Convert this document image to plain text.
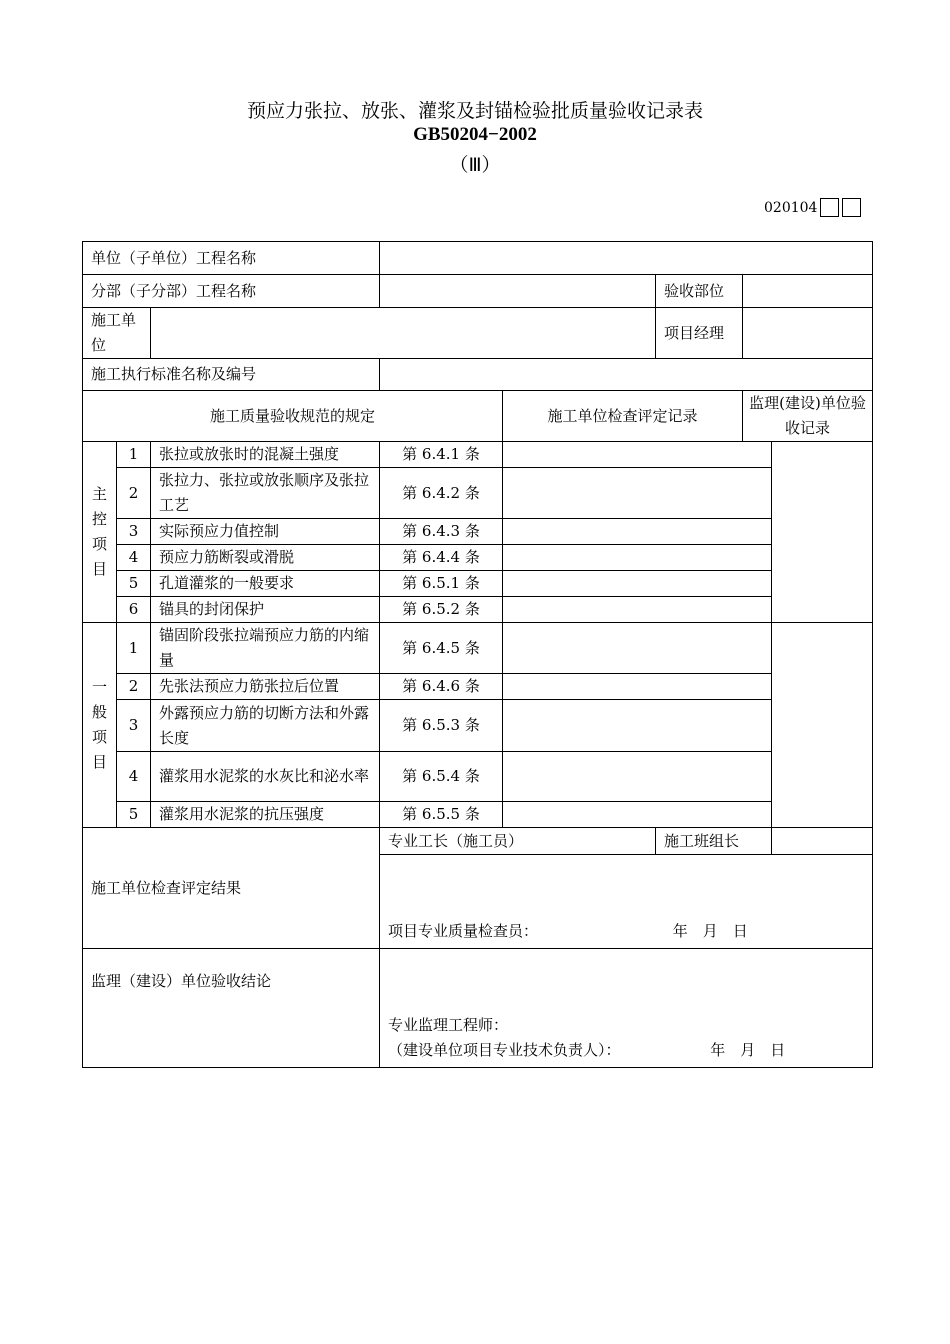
预应力张拉、放张、灌浆及封锚检验批质量验收记录表
GB50204−2002
（Ⅲ）
020104
单位（子单位）工程名称							
分部（子分部）工程名称					验收部位		
施工单位					项目经理		
施工执行标准名称及编号							
施工质量验收规范的规定				施工单位检查评定记录		监理(建设)单位验收记录	

主
控
项
目	1	张拉或放张时的混凝土强度	第 6.4.1 条				
	2	张拉力、张拉或放张顺序及张拉工艺	第 6.4.2 条				
	3	实际预应力值控制	第 6.4.3 条				
	4	预应力筋断裂或滑脱	第 6.4.4 条				
	5	孔道灌浆的一般要求	第 6.5.1 条				
	6	锚具的封闭保护	第 6.5.2 条				

一
般
项
目	1	锚固阶段张拉端预应力筋的内缩量	第 6.4.5 条				
	2	先张法预应力筋张拉后位置	第 6.4.6 条				
	3	外露预应力筋的切断方法和外露长度	第 6.5.3 条				
	4	灌浆用水泥浆的水灰比和泌水率	第 6.5.4 条				
	5	灌浆用水泥浆的抗压强度	第 6.5.5 条				
施工单位检查评定结果			专业工长（施工员）		施工班组长		
			项目专业质量检查员： 年　月　日				
监理（建设）单位验收结论			专业监理工程师：
（建设单位项目专业技术负责人）： 年　月　日				
